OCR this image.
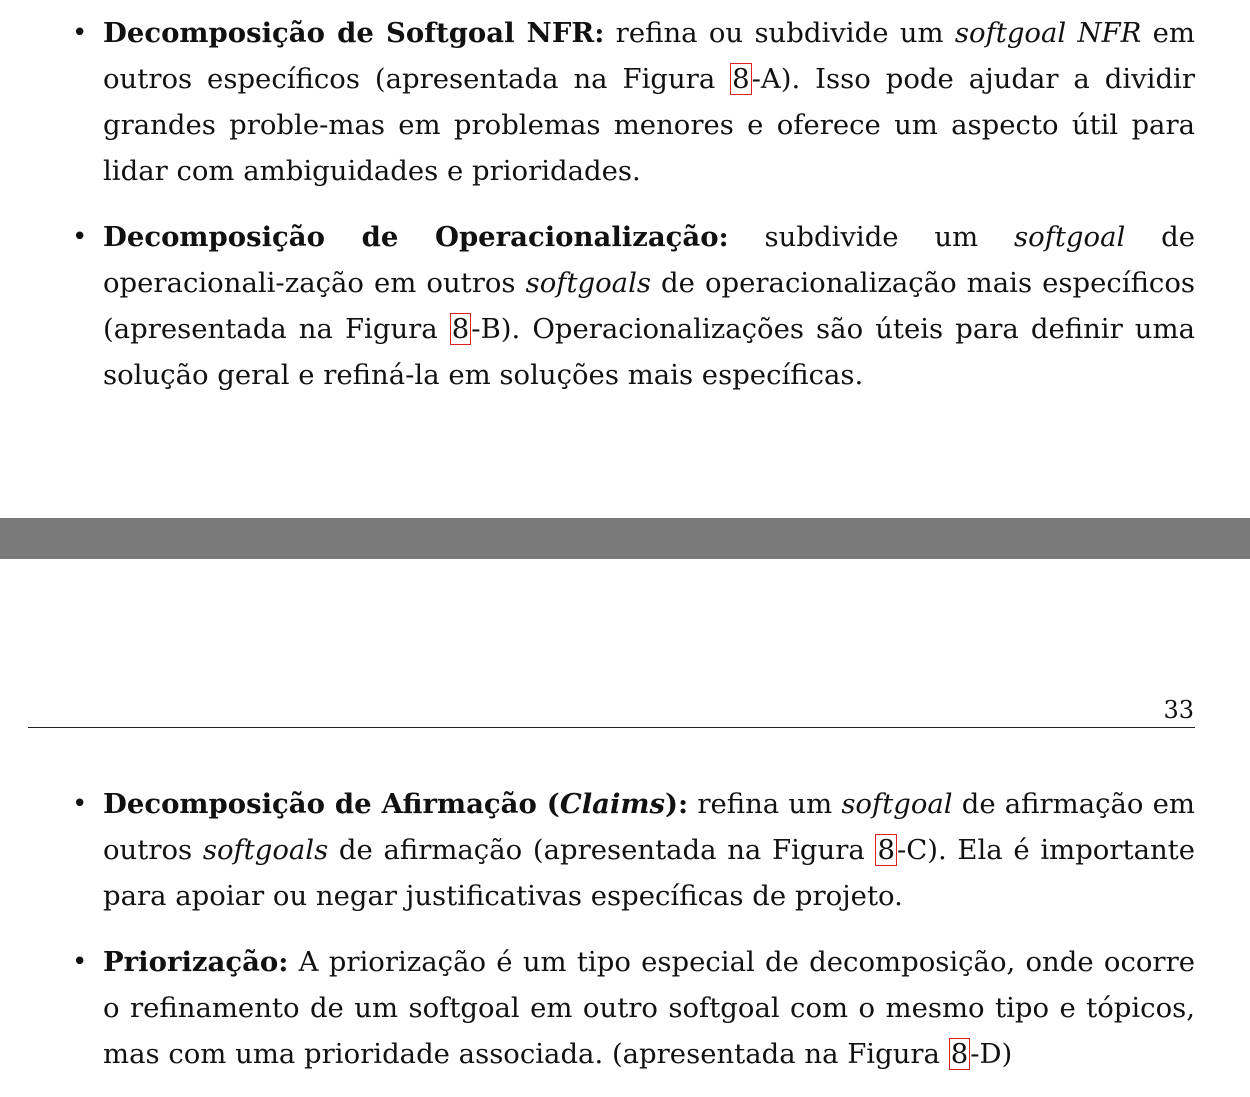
• Decomposição de Softgoal NFR: refina ou subdivide um softgoal NFR em outros específicos (apresentada na Figura 8-A). Isso pode ajudar a dividir grandes proble-mas em problemas menores e oferece um aspecto útil para lidar com ambiguidades e prioridades.
• Decomposição de Operacionalização: subdivide um softgoal de operacionali-zação em outros softgoals de operacionalização mais específicos (apresentada na Figura 8-B). Operacionalizações são úteis para definir uma solução geral e refiná-la em soluções mais específicas.
33
• Decomposição de Afirmação (Claims): refina um softgoal de afirmação em outros softgoals de afirmação (apresentada na Figura 8-C). Ela é importante para apoiar ou negar justificativas específicas de projeto.
• Priorização: A priorização é um tipo especial de decomposição, onde ocorre o refinamento de um softgoal em outro softgoal com o mesmo tipo e tópicos, mas com uma prioridade associada. (apresentada na Figura 8-D)
